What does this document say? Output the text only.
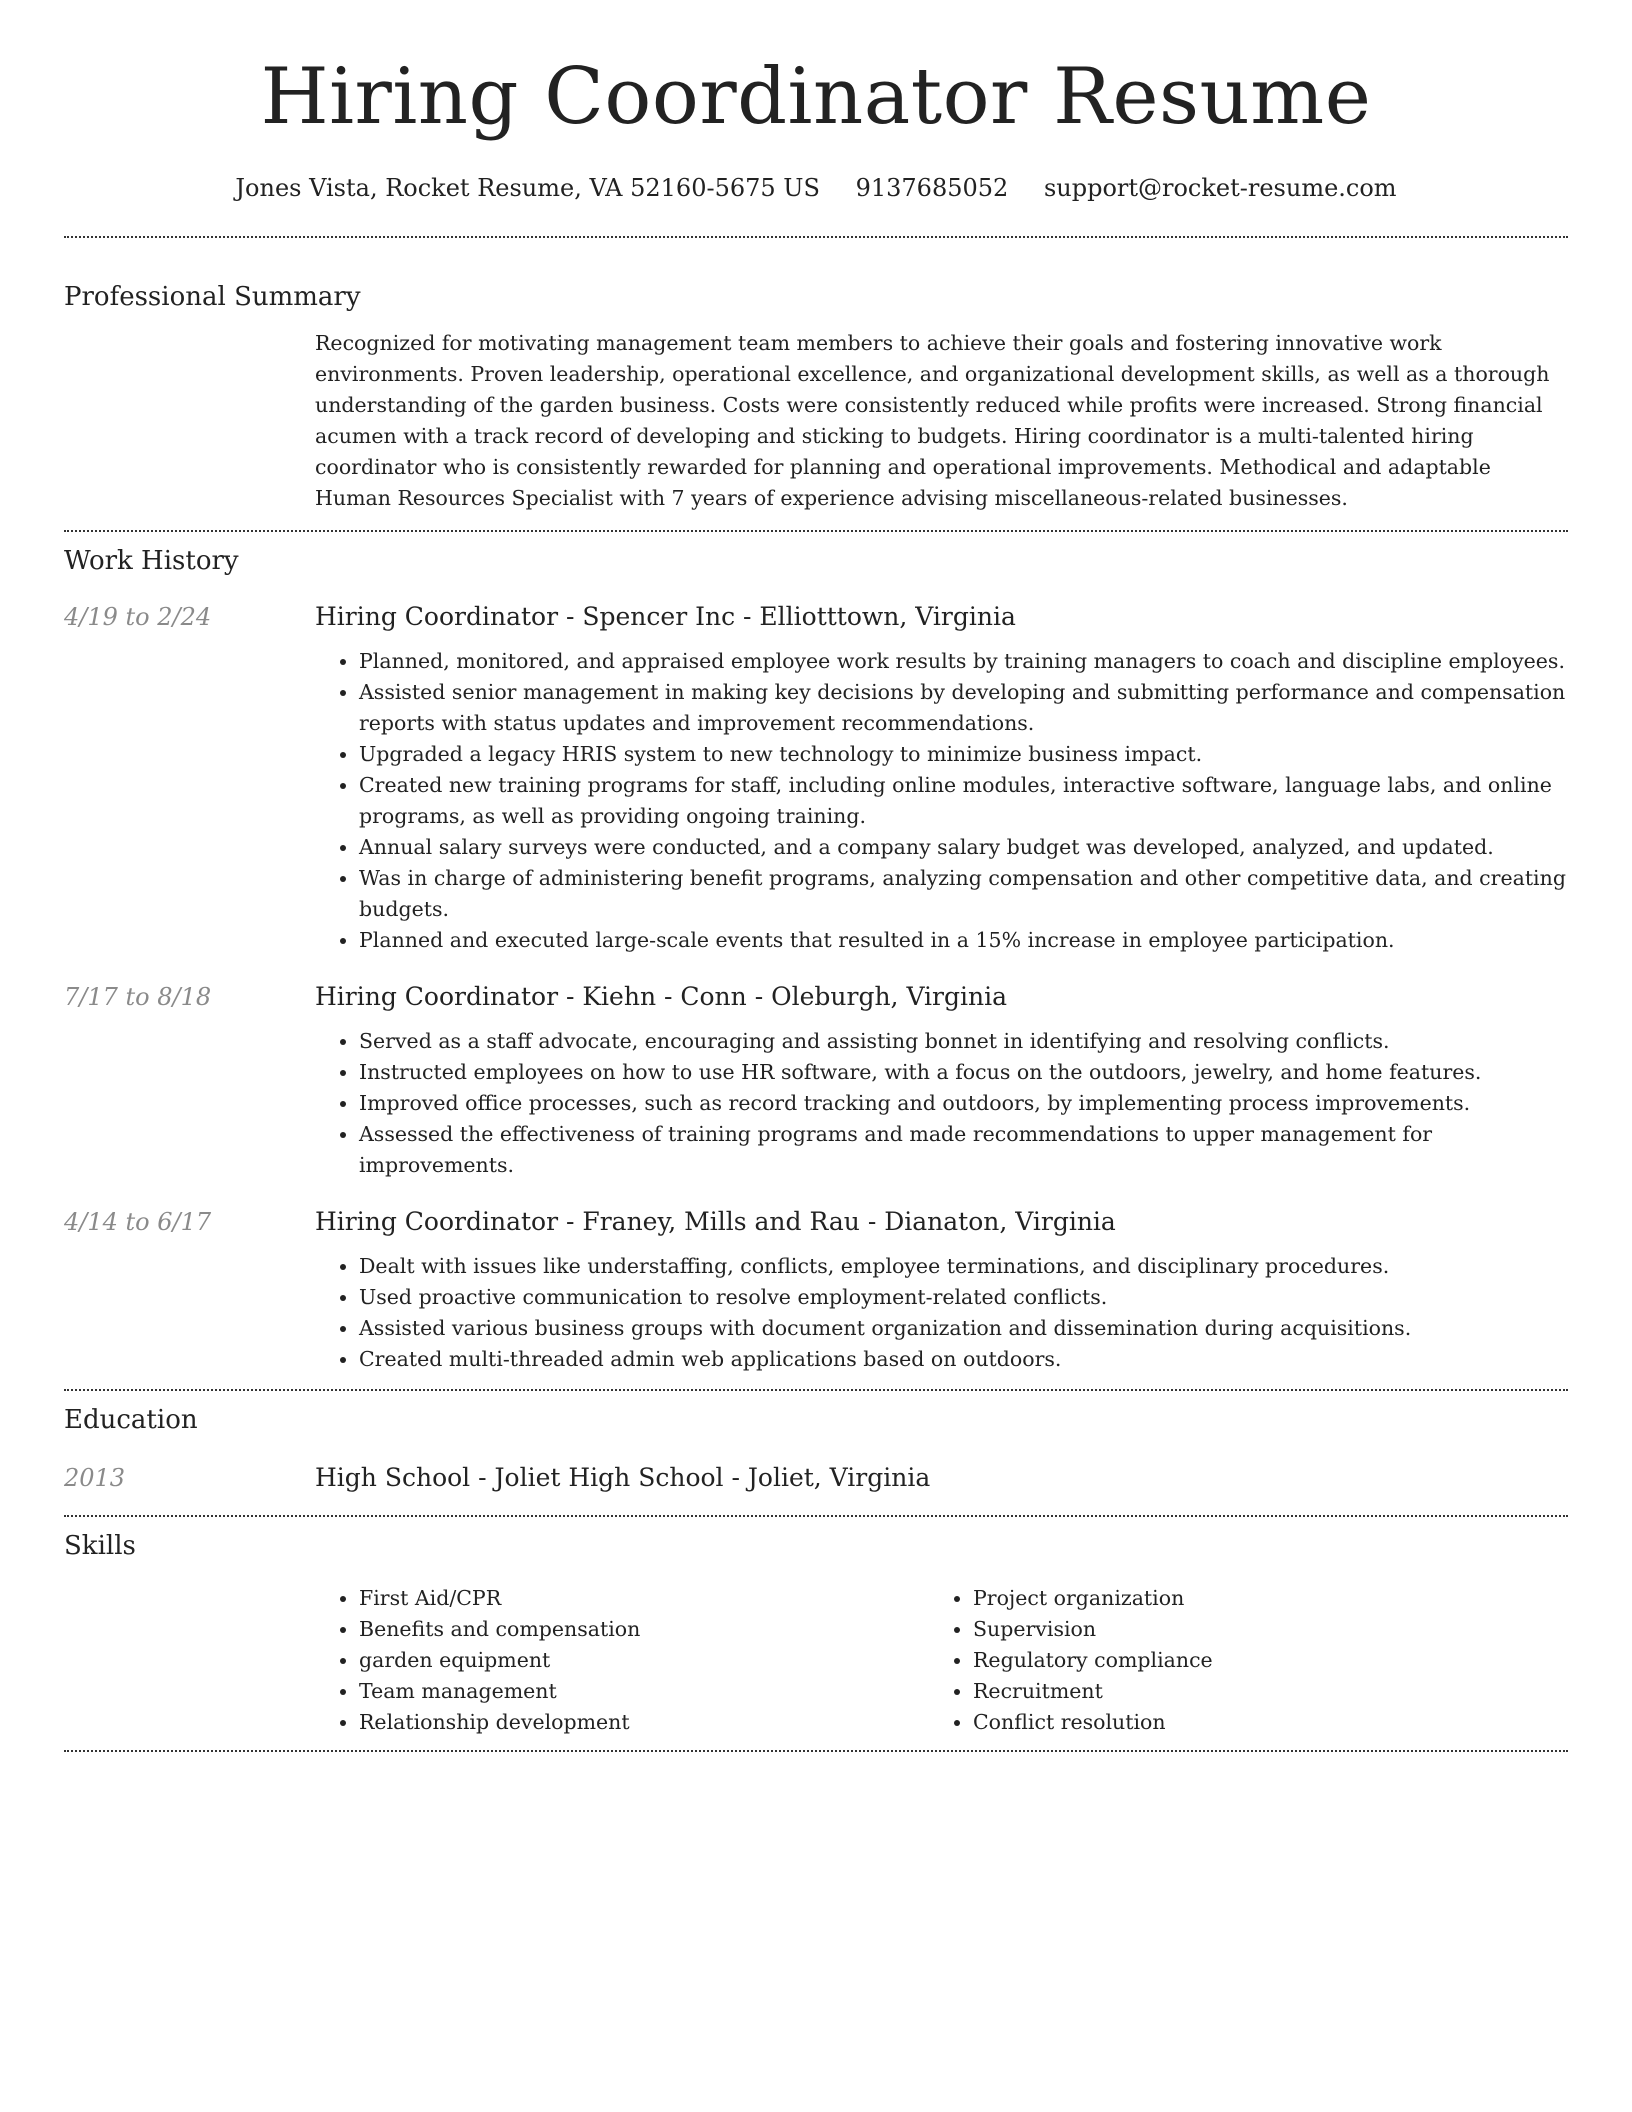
Hiring Coordinator Resume
Jones Vista, Rocket Resume, VA 52160-5675 US 9137685052 support@rocket-resume.com
Professional Summary
Recognized for motivating management team members to achieve their goals and fostering innovative work environments. Proven leadership, operational excellence, and organizational development skills, as well as a thorough understanding of the garden business. Costs were consistently reduced while profits were increased. Strong financial acumen with a track record of developing and sticking to budgets. Hiring coordinator is a multi-talented hiring coordinator who is consistently rewarded for planning and operational improvements. Methodical and adaptable Human Resources Specialist with 7 years of experience advising miscellaneous-related businesses.
Work History
4/19 to 2/24	Hiring Coordinator - Spencer Inc - Elliotttown, Virginia
• Planned, monitored, and appraised employee work results by training managers to coach and discipline employees.
• Assisted senior management in making key decisions by developing and submitting performance and compensation reports with status updates and improvement recommendations.
• Upgraded a legacy HRIS system to new technology to minimize business impact.
• Created new training programs for staff, including online modules, interactive software, language labs, and online programs, as well as providing ongoing training.
• Annual salary surveys were conducted, and a company salary budget was developed, analyzed, and updated.
• Was in charge of administering benefit programs, analyzing compensation and other competitive data, and creating budgets.
• Planned and executed large-scale events that resulted in a 15% increase in employee participation.
7/17 to 8/18	Hiring Coordinator - Kiehn - Conn - Oleburgh, Virginia
• Served as a staff advocate, encouraging and assisting bonnet in identifying and resolving conflicts.
• Instructed employees on how to use HR software, with a focus on the outdoors, jewelry, and home features.
• Improved office processes, such as record tracking and outdoors, by implementing process improvements.
• Assessed the effectiveness of training programs and made recommendations to upper management for improvements.
4/14 to 6/17	Hiring Coordinator - Franey, Mills and Rau - Dianaton, Virginia
• Dealt with issues like understaffing, conflicts, employee terminations, and disciplinary procedures.
• Used proactive communication to resolve employment-related conflicts.
• Assisted various business groups with document organization and dissemination during acquisitions.
• Created multi-threaded admin web applications based on outdoors.
Education
2013	High School - Joliet High School - Joliet, Virginia
Skills
• First Aid/CPR
• Benefits and compensation
• garden equipment
• Team management
• Relationship development
• Project organization
• Supervision
• Regulatory compliance
• Recruitment
• Conflict resolution
